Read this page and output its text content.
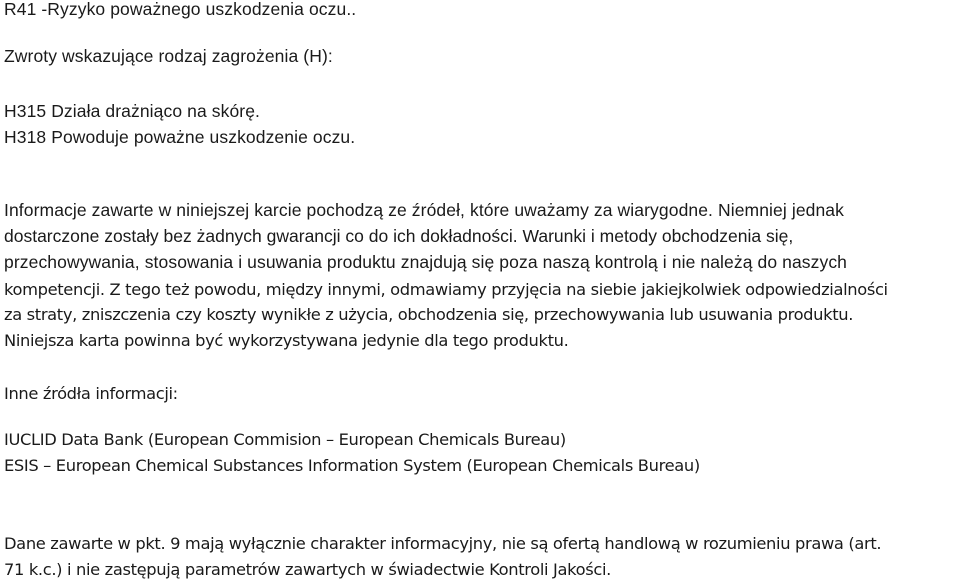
R41 -Ryzyko poważnego uszkodzenia oczu..
Zwroty wskazujące rodzaj zagrożenia (H):
H315 Działa drażniąco na skórę.
H318 Powoduje poważne uszkodzenie oczu.
Informacje zawarte w niniejszej karcie pochodzą ze źródeł, które uważamy za wiarygodne. Niemniej jednak
dostarczone zostały bez żadnych gwarancji co do ich dokładności. Warunki i metody obchodzenia się,
przechowywania, stosowania i usuwania produktu znajdują się poza naszą kontrolą i nie należą do naszych
kompetencji. Z tego też powodu, między innymi, odmawiamy przyjęcia na siebie jakiejkolwiek odpowiedzialności
za straty, zniszczenia czy koszty wynikłe z użycia, obchodzenia się, przechowywania lub usuwania produktu.
Niniejsza karta powinna być wykorzystywana jedynie dla tego produktu.
Inne źródła informacji:
IUCLID Data Bank (European Commision – European Chemicals Bureau)
ESIS – European Chemical Substances Information System (European Chemicals Bureau)
Dane zawarte w pkt. 9 mają wyłącznie charakter informacyjny, nie są ofertą handlową w rozumieniu prawa (art.
71 k.c.) i nie zastępują parametrów zawartych w świadectwie Kontroli Jakości.
